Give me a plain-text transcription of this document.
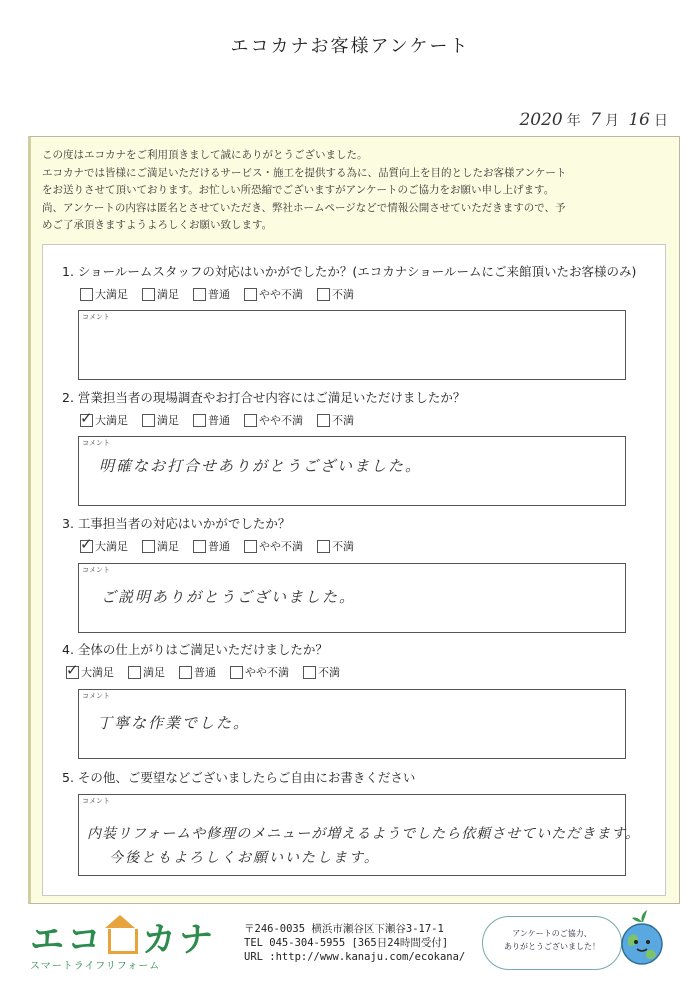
エコカナお客様アンケート
2020 年 7 月 16 日

この度はエコカナをご利用頂きまして誠にありがとうございました。

エコカナでは皆様にご満足いただけるサービス・施工を提供する為に、品質向上を目的としたお客様アンケート

をお送りさせて頂いております。お忙しい所恐縮でございますがアンケートのご協力をお願い申し上げます。

尚、アンケートの内容は匿名とさせていただき、弊社ホームページなどで情報公開させていただきますので、予

めご了承頂きますようよろしくお願い致します。

1. ショールームスタッフの対応はいかがでしたか？(エコカナショールームにご来館頂いたお客様のみ)
大満足	満足	普通	やや不満	不満
コメント
2. 営業担当者の現場調査やお打合せ内容にはご満足いただけましたか？
✓ 大満足	満足	普通	やや不満	不満
コメント
明確なお打合せありがとうございました。
3. 工事担当者の対応はいかがでしたか？
✓ 大満足	満足	普通	やや不満	不満
コメント
ご説明ありがとうございました。
4. 全体の仕上がりはご満足いただけましたか？
✓ 大満足	満足	普通	やや不満	不満
コメント
丁寧な作業でした。
5. その他、ご要望などございましたらご自由にお書きください
コメント
内装リフォームや修理のメニューが増えるようでしたら依頼させていただきます。
今後ともよろしくお願いいたします。
エコ カナ
スマートライフリフォーム
〒246-0035 横浜市瀬谷区下瀬谷3-17-1
TEL 045-304-5955 [365日24時間受付]
URL :http://www.kanaju.com/ecokana/
アンケートのご協力、
ありがとうございました！
